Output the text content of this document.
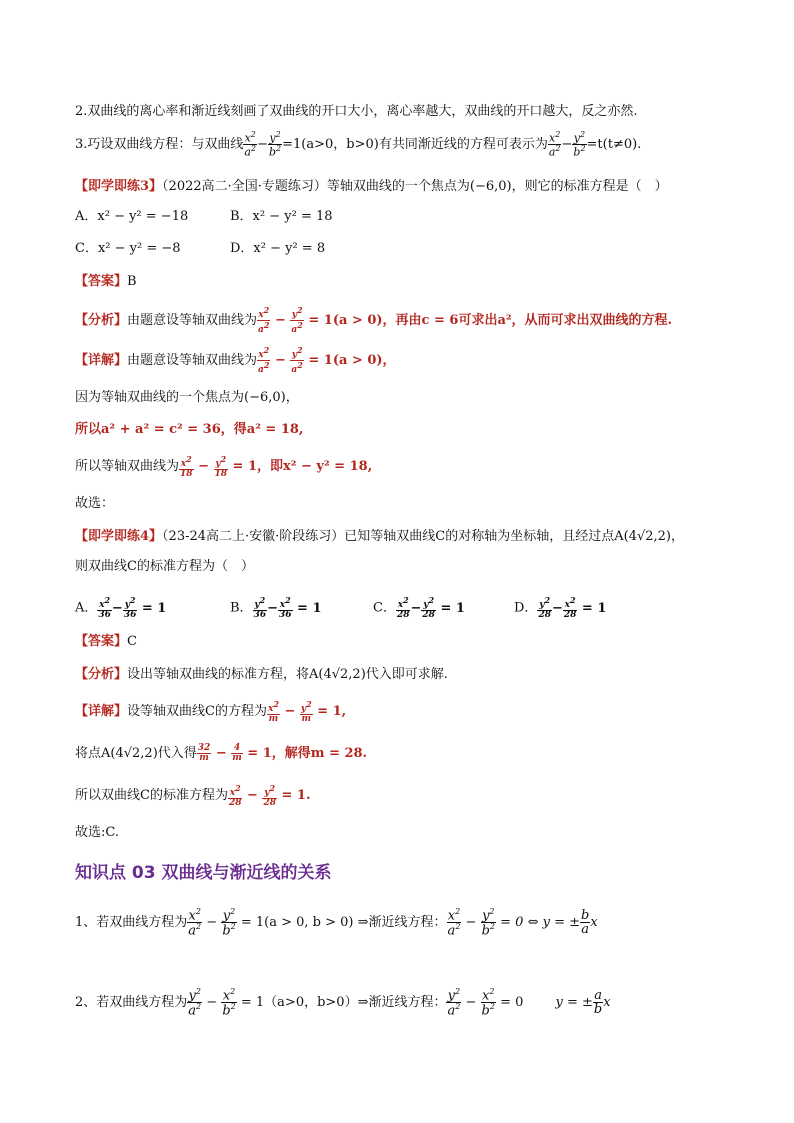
2.双曲线的离心率和渐近线刻画了双曲线的开口大小，离心率越大，双曲线的开口越大，反之亦然.
3.巧设双曲线方程：与双曲线 $\frac{x^2}{a^2} - \frac{y^2}{b^2} =1(a>0$，b>0)有共同渐近线的方程可表示为 $\frac{x^2}{a^2} - \frac{y^2}{b^2} =t(t\ne 0)$.
【即学即练3】（2022高二·全国·专题练习）等轴双曲线的一个焦点为(−6,0)，则它的标准方程是（　）
A．x² − y² = −18	B．x² − y² = 18
C．x² − y² = −8	D．x² − y² = 8
【答案】B
【分析】由题意设等轴双曲线为 $\frac{x^2}{a^2} - \frac{y^2}{a^2} = 1(a > 0)$，再由c = 6可求出a²，从而可求出双曲线的方程.
【详解】由题意设等轴双曲线为 $\frac{x^2}{a^2} - \frac{y^2}{a^2} = 1(a > 0)$，
因为等轴双曲线的一个焦点为(−6,0)，
所以a² + a² = c² = 36，得a² = 18,
所以等轴双曲线为 $\frac{x^2}{18} - \frac{y^2}{18} = 1$，即x² − y² = 18,
故选：
【即学即练4】（23-24高二上·安徽·阶段练习）已知等轴双曲线C的对称轴为坐标轴，且经过点A(4√2,2)，
则双曲线C的标准方程为（　）
A． $\frac{x^2}{36} - \frac{y^2}{36} = 1$	B． $\frac{y^2}{36} - \frac{x^2}{36} = 1$	C． $\frac{x^2}{28} - \frac{y^2}{28} = 1$	D． $\frac{y^2}{28} - \frac{x^2}{28} = 1$
【答案】C
【分析】设出等轴双曲线的标准方程，将A(4√2,2)代入即可求解.
【详解】设等轴双曲线C的方程为 $\frac{x^2}{m} - \frac{y^2}{m} = 1$,
将点A(4√2,2)代入得 $\frac{32}{m} - \frac{4}{m} = 1$，解得m = 28.
所以双曲线C的标准方程为 $\frac{x^2}{28} - \frac{y^2}{28} = 1$.
故选:C.
知识点 03 双曲线与渐近线的关系
1、若双曲线方程为 $\frac{x^2}{a^2} - \frac{y^2}{b^2} = 1(a > 0$, b > 0) ⇒渐近线方程： $\frac{x^2}{a^2} - \frac{y^2}{b^2} = 0$ ⇔ y = ± $\frac{b}{a}$ x
2、若双曲线方程为 $\frac{y^2}{a^2} - \frac{x^2}{b^2} = 1(a>0$，b>0）⇒渐近线方程： $\frac{y^2}{a^2} - \frac{x^2}{b^2} = 0$ y = ± $\frac{a}{b}$ x
